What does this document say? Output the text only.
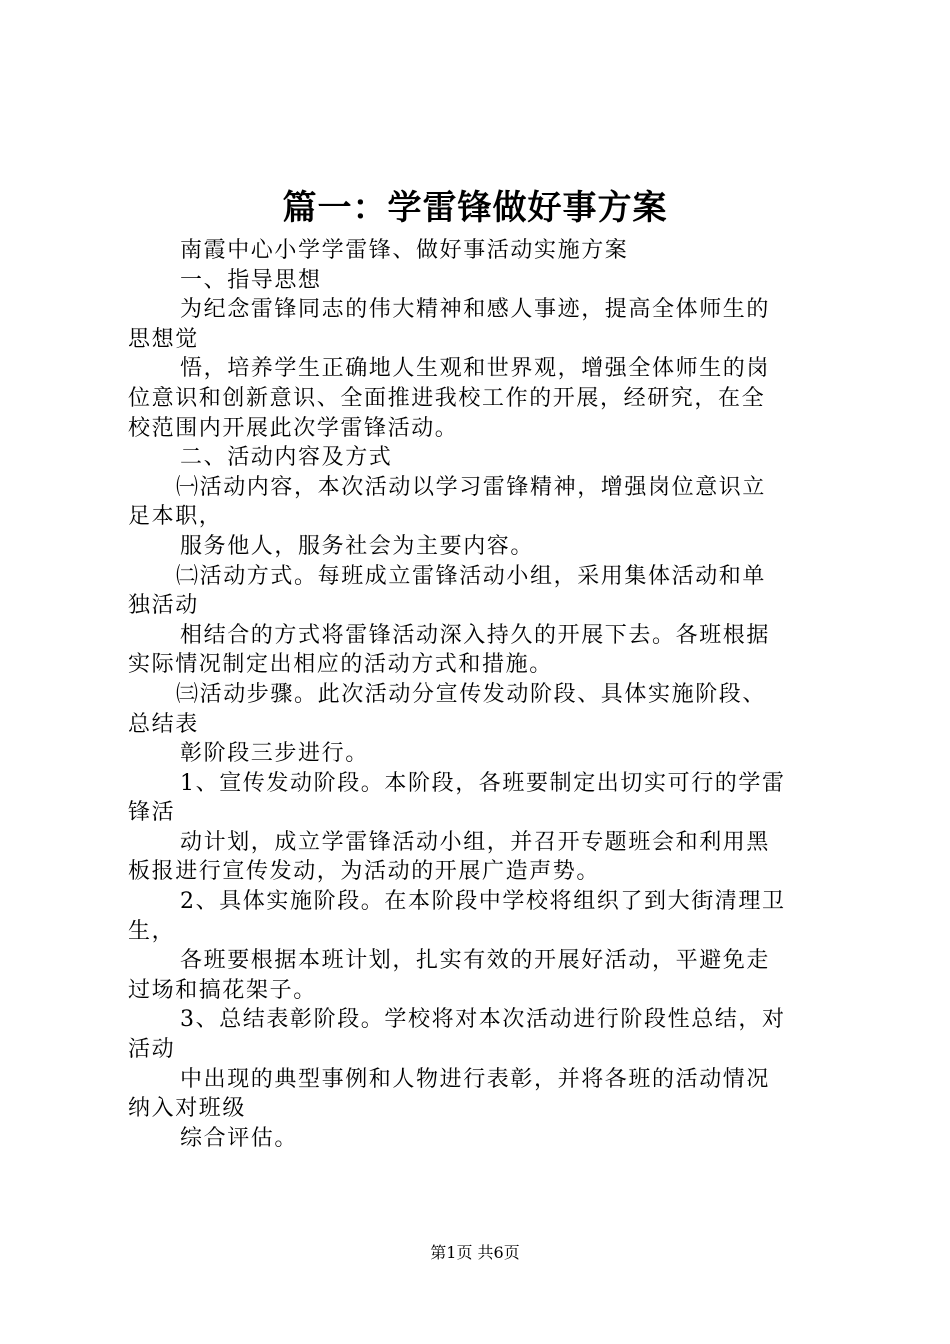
篇一：学雷锋做好事方案
南霞中心小学学雷锋、做好事活动实施方案
一、指导思想
为纪念雷锋同志的伟大精神和感人事迹，提高全体师生的
思想觉
悟，培养学生正确地人生观和世界观，增强全体师生的岗
位意识和创新意识、全面推进我校工作的开展，经研究，在全
校范围内开展此次学雷锋活动。
二、活动内容及方式
㈠活动内容，本次活动以学习雷锋精神，增强岗位意识立
足本职，
服务他人，服务社会为主要内容。
㈡活动方式。每班成立雷锋活动小组，采用集体活动和单
独活动
相结合的方式将雷锋活动深入持久的开展下去。各班根据
实际情况制定出相应的活动方式和措施。
㈢活动步骤。此次活动分宣传发动阶段、具体实施阶段、
总结表
彰阶段三步进行。
1、宣传发动阶段。本阶段，各班要制定出切实可行的学雷
锋活
动计划，成立学雷锋活动小组，并召开专题班会和利用黑
板报进行宣传发动，为活动的开展广造声势。
2、具体实施阶段。在本阶段中学校将组织了到大街清理卫
生，
各班要根据本班计划，扎实有效的开展好活动，平避免走
过场和搞花架子。
3、总结表彰阶段。学校将对本次活动进行阶段性总结，对
活动
中出现的典型事例和人物进行表彰，并将各班的活动情况
纳入对班级
综合评估。
第1页 共6页
